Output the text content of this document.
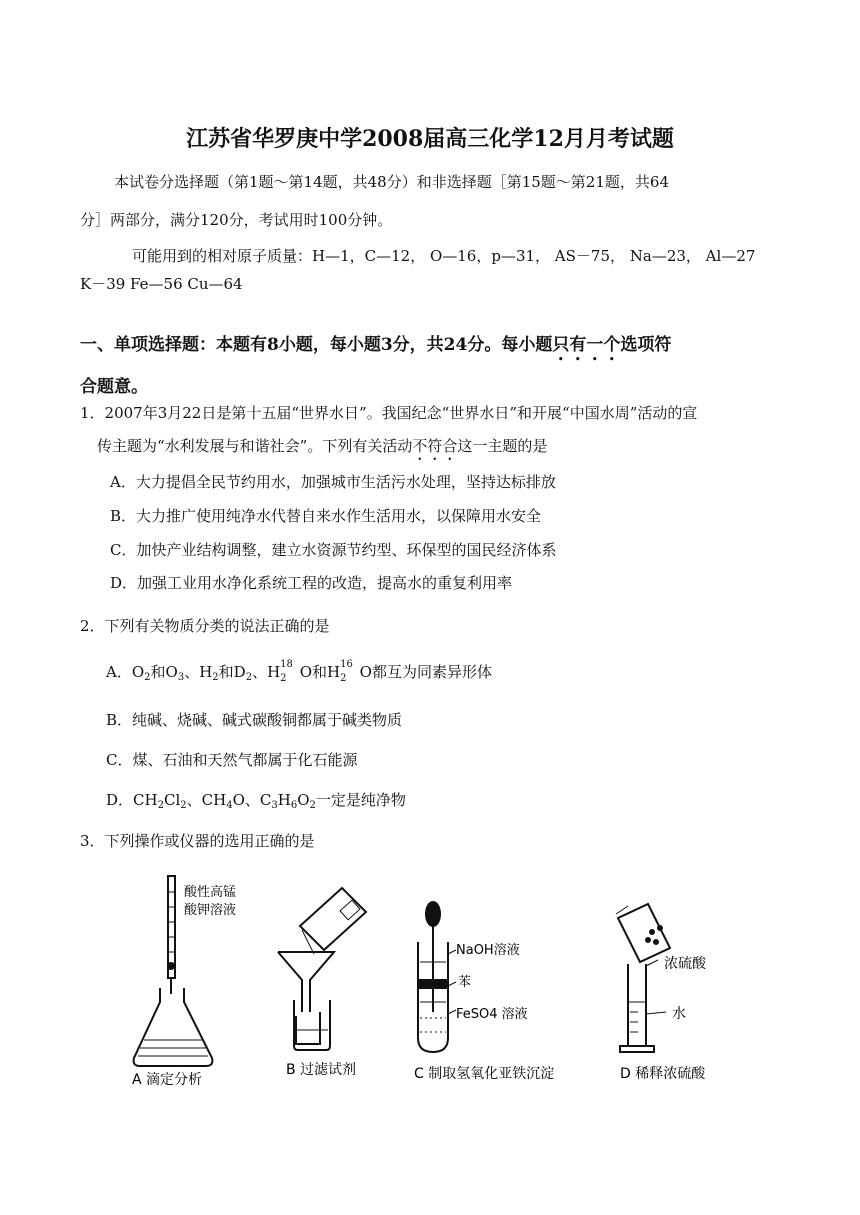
江苏省华罗庚中学2008届高三化学12月月考试题
本试卷分选择题（第1题～第14题，共48分）和非选择题［第15题～第21题，共64
分］两部分，满分120分，考试用时100分钟。
可能用到的相对原子质量：H—1，C—12， O—16，p—31， AS－75， Na—23， Al—27
K－39 Fe—56 Cu—64
一、单项选择题：本题有8小题，每小题3分，共24分。每小题只有一个选项符
合题意。
1．2007年3月22日是第十五届“世界水日”。我国纪念“世界水日”和开展“中国水周”活动的宣
传主题为“水利发展与和谐社会”。下列有关活动不符合这一主题的是
A．大力提倡全民节约用水，加强城市生活污水处理，坚持达标排放
B．大力推广使用纯净水代替自来水作生活用水，以保障用水安全
C．加快产业结构调整，建立水资源节约型、环保型的国民经济体系
D．加强工业用水净化系统工程的改造，提高水的重复利用率
2．下列有关物质分类的说法正确的是
A．$O_2$和$O_3$、$H_2$和$D_2$、H 18
2 O和H 16
2 O都互为同素异形体
B．纯碱、烧碱、碱式碳酸铜都属于碱类物质
C．煤、石油和天然气都属于化石能源
D．$CH_2Cl_2$、$CH_4O$、$C_3H_6O_2$一定是纯净物
3．下列操作或仪器的选用正确的是
酸性高锰
酸钾溶液
A 滴定分析
B 过滤试剂
NaOH溶液
苯
FeSO4 溶液
C 制取氢氧化亚铁沉淀
浓硫酸
水
D 稀释浓硫酸
